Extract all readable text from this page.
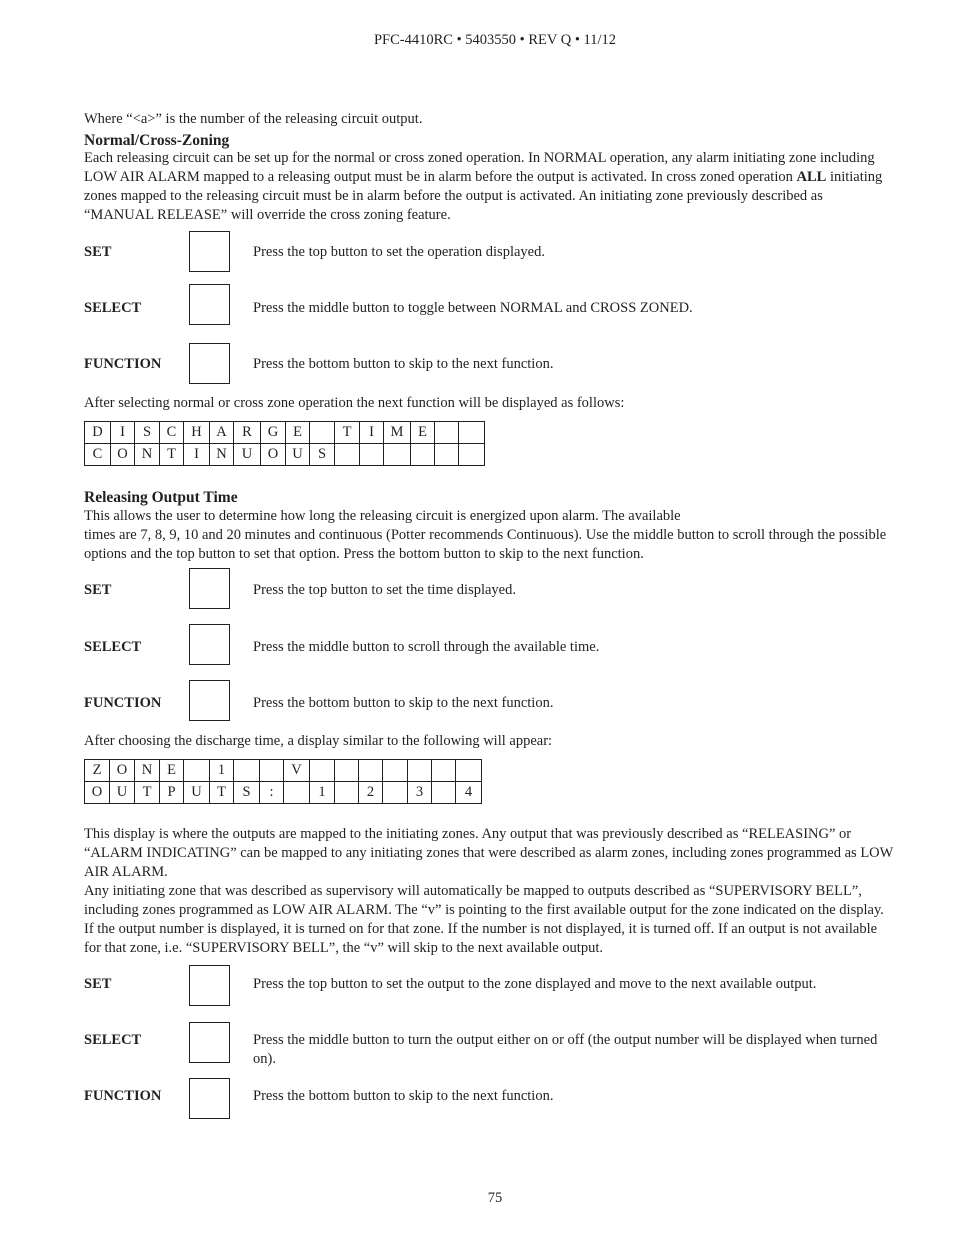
PFC-4410RC • 5403550 • REV Q • 11/12

Where “<a>” is the number of the releasing circuit output.

Normal/Cross-Zoning

Each releasing circuit can be set up for the normal or cross zoned operation. In NORMAL operation, any alarm initiating zone including LOW AIR ALARM mapped to a releasing output must be in alarm before the output is activated. In cross zoned operation ALL initiating zones mapped to the releasing circuit must be in alarm before the output is activated. An initiating zone previously described as “MANUAL RELEASE” will override the cross zoning feature.

SET	Press the top button to set the operation displayed.

SELECT	Press the middle button to toggle between NORMAL and CROSS ZONED.

FUNCTION	Press the bottom button to skip to the next function.

After selecting normal or cross zone operation the next function will be displayed as follows:

D	I	S	C	H	A	R	G	E		T	I	M	E		
C	O	N	T	I	N	U	O	U	S						
Releasing Output Time

This allows the user to determine how long the releasing circuit is energized upon alarm. The available
times are 7, 8, 9, 10 and 20 minutes and continuous (Potter recommends Continuous). Use the middle button to scroll through the possible options and the top button to set that option. Press the bottom button to skip to the next function.

SET	Press the top button to set the time displayed.

SELECT	Press the middle button to scroll through the available time.

FUNCTION	Press the bottom button to skip to the next function.

After choosing the discharge time, a display similar to the following will appear:

Z	O	N	E		1			V							
O	U	T	P	U	T	S	:		1		2		3		4

This display is where the outputs are mapped to the initiating zones. Any output that was previously described as “RELEASING” or “ALARM INDICATING” can be mapped to any initiating zones that were described as alarm zones, including zones programmed as LOW AIR ALARM.

Any initiating zone that was described as supervisory will automatically be mapped to outputs described as “SUPERVISORY BELL”, including zones programmed as LOW AIR ALARM. The “v” is pointing to the first available output for the zone indicated on the display. If the output number is displayed, it is turned on for that zone. If the number is not displayed, it is turned off. If an output is not available for that zone, i.e. “SUPERVISORY BELL”, the “v” will skip to the next available output.

SET	Press the top button to set the output to the zone displayed and move to the next available output.

SELECT	Press the middle button to turn the output either on or off (the output number will be displayed when turned on).

FUNCTION	Press the bottom button to skip to the next function.

75
